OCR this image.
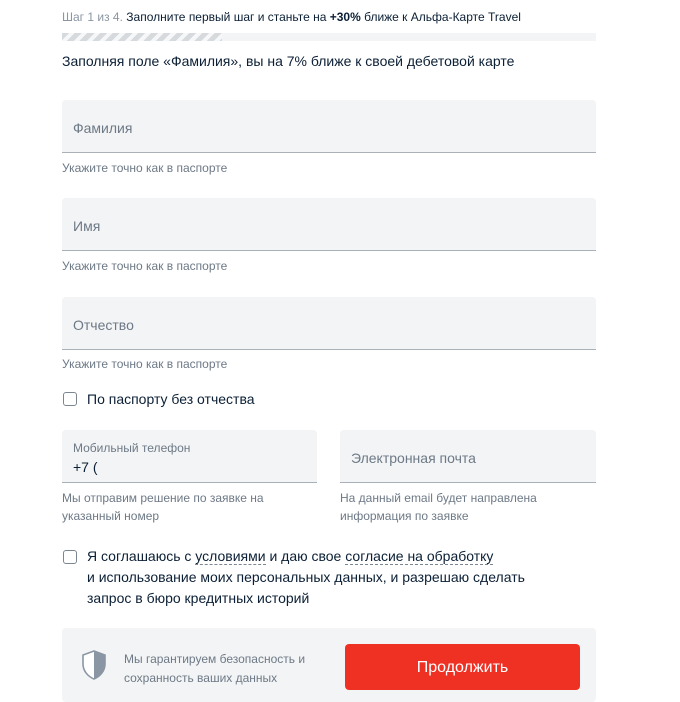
Шаг 1 из 4. Заполните первый шаг и станьте на +30% ближе к Альфа-Карте Travel
Заполняя поле «Фамилия», вы на 7% ближе к своей дебетовой карте
Фамилия
Укажите точно как в паспорте
Имя
Укажите точно как в паспорте
Отчество
Укажите точно как в паспорте
По паспорту без отчества
Мобильный телефон
+7 (
Мы отправим решение по заявке на
указанный номер
Электронная почта
На данный email будет направлена
информация по заявке
Я соглашаюсь с условиями и даю свое согласие на обработку
и использование моих персональных данных, и разрешаю сделать
запрос в бюро кредитных историй
Мы гарантируем безопасность и
сохранность ваших данных
Продолжить
